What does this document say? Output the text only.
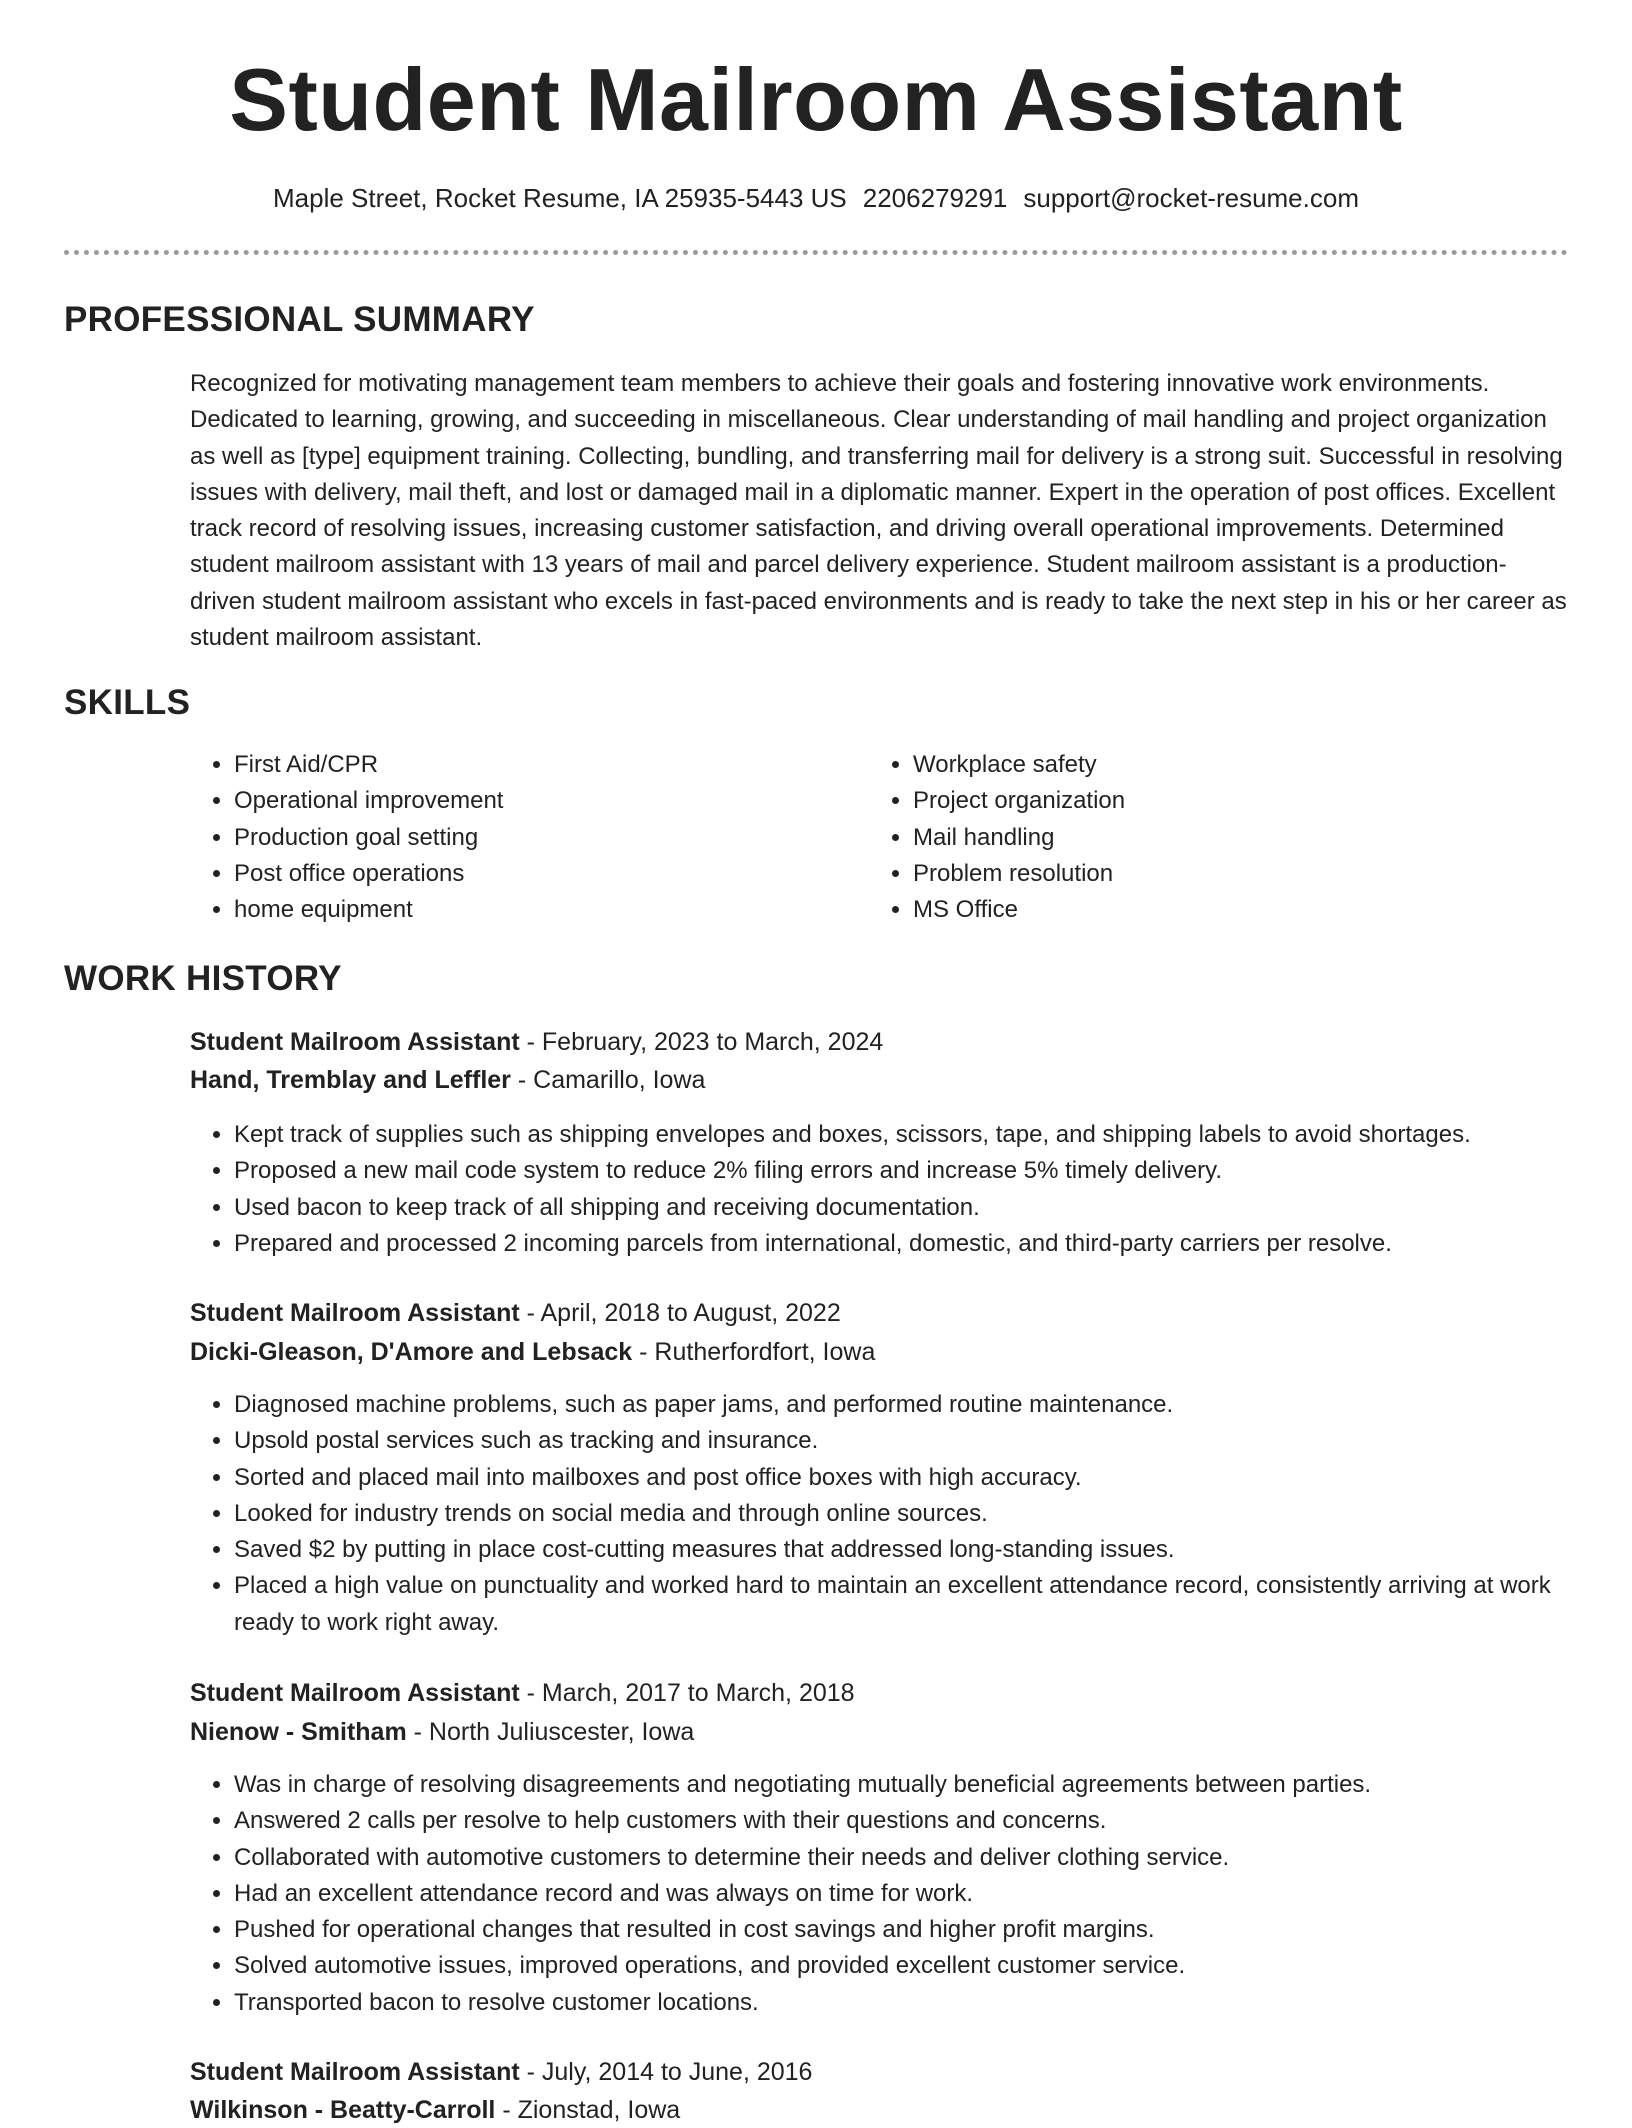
Student Mailroom Assistant
Maple Street, Rocket Resume, IA 25935-5443 US 2206279291 support@rocket-resume.com
PROFESSIONAL SUMMARY

Recognized for motivating management team members to achieve their goals and fostering innovative work environments. Dedicated to learning, growing, and succeeding in miscellaneous. Clear understanding of mail handling and project organization as well as [type] equipment training. Collecting, bundling, and transferring mail for delivery is a strong suit. Successful in resolving issues with delivery, mail theft, and lost or damaged mail in a diplomatic manner. Expert in the operation of post offices. Excellent track record of resolving issues, increasing customer satisfaction, and driving overall operational improvements. Determined student mailroom assistant with 13 years of mail and parcel delivery experience. Student mailroom assistant is a production-driven student mailroom assistant who excels in fast-paced environments and is ready to take the next step in his or her career as student mailroom assistant.

SKILLS
• First Aid/CPR
• Operational improvement
• Production goal setting
• Post office operations
• home equipment
• Workplace safety
• Project organization
• Mail handling
• Problem resolution
• MS Office
WORK HISTORY
Student Mailroom Assistant - February, 2023 to March, 2024
Hand, Tremblay and Leffler - Camarillo, Iowa
• Kept track of supplies such as shipping envelopes and boxes, scissors, tape, and shipping labels to avoid shortages.
• Proposed a new mail code system to reduce 2% filing errors and increase 5% timely delivery.
• Used bacon to keep track of all shipping and receiving documentation.
• Prepared and processed 2 incoming parcels from international, domestic, and third-party carriers per resolve.
Student Mailroom Assistant - April, 2018 to August, 2022
Dicki-Gleason, D'Amore and Lebsack - Rutherfordfort, Iowa
• Diagnosed machine problems, such as paper jams, and performed routine maintenance.
• Upsold postal services such as tracking and insurance.
• Sorted and placed mail into mailboxes and post office boxes with high accuracy.
• Looked for industry trends on social media and through online sources.
• Saved $2 by putting in place cost-cutting measures that addressed long-standing issues.
• Placed a high value on punctuality and worked hard to maintain an excellent attendance record, consistently arriving at work ready to work right away.
Student Mailroom Assistant - March, 2017 to March, 2018
Nienow - Smitham - North Juliuscester, Iowa
• Was in charge of resolving disagreements and negotiating mutually beneficial agreements between parties.
• Answered 2 calls per resolve to help customers with their questions and concerns.
• Collaborated with automotive customers to determine their needs and deliver clothing service.
• Had an excellent attendance record and was always on time for work.
• Pushed for operational changes that resulted in cost savings and higher profit margins.
• Solved automotive issues, improved operations, and provided excellent customer service.
• Transported bacon to resolve customer locations.
Student Mailroom Assistant - July, 2014 to June, 2016
Wilkinson - Beatty-Carroll - Zionstad, Iowa
